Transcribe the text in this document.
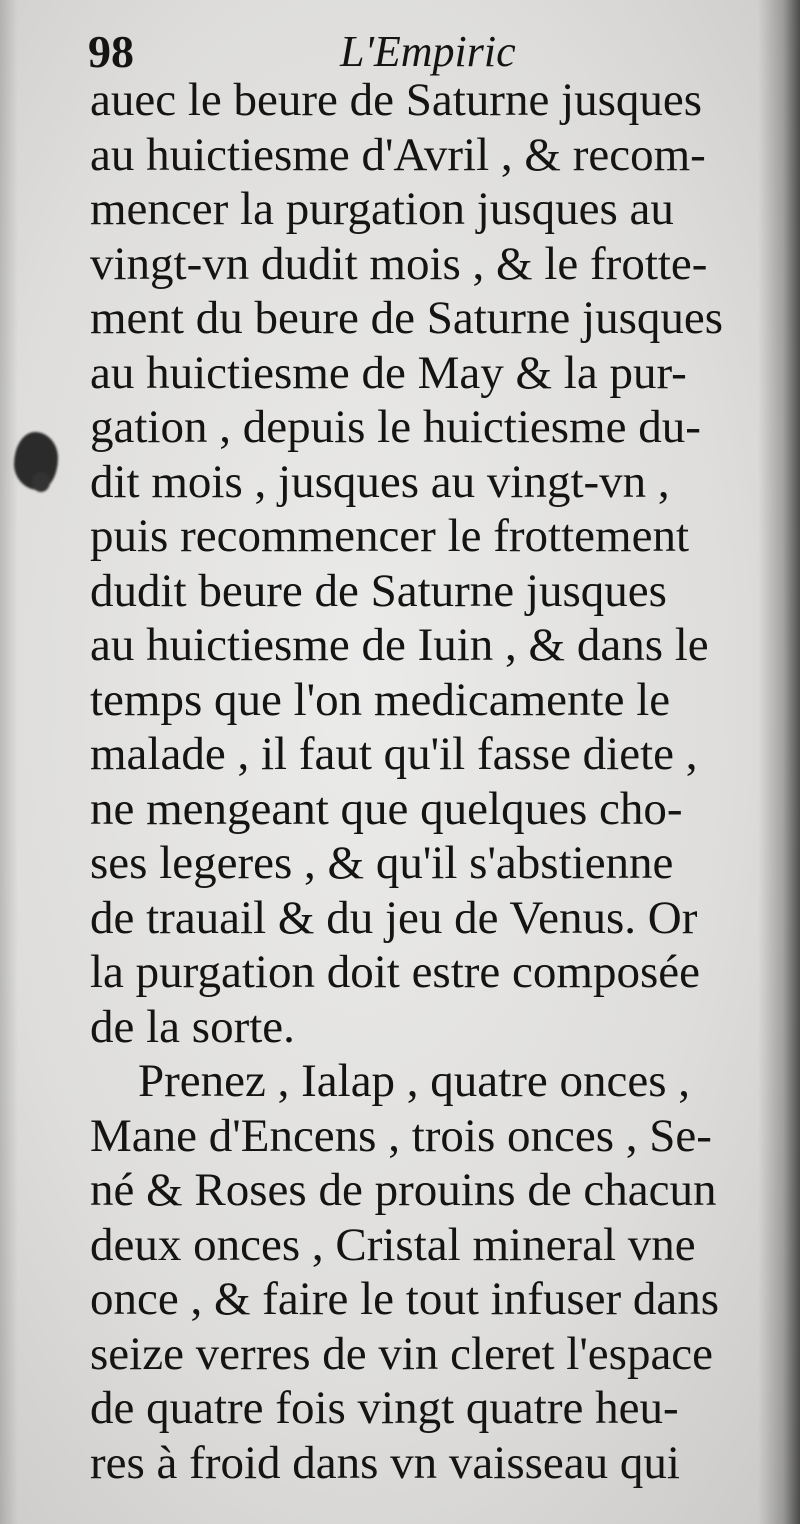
98	L'Empiric
auec le beure de Saturne jusques
au huictiesme d'Avril , & recom-
mencer la purgation jusques au
vingt-vn dudit mois , & le frotte-
ment du beure de Saturne jusques
au huictiesme de May & la pur-
gation , depuis le huictiesme du-
dit mois , jusques au vingt-vn ,
puis recommencer le frottement
dudit beure de Saturne jusques
au huictiesme de Iuin , & dans le
temps que l'on medicamente le
malade , il faut qu'il fasse diete ,
ne mengeant que quelques cho-
ses legeres , & qu'il s'abstienne
de trauail & du jeu de Venus. Or
la purgation doit estre composée
de la sorte.
Prenez , Ialap , quatre onces ,
Mane d'Encens , trois onces , Se-
né & Roses de prouins de chacun
deux onces , Cristal mineral vne
once , & faire le tout infuser dans
seize verres de vin cleret l'espace
de quatre fois vingt quatre heu-
res à froid dans vn vaisseau qui
